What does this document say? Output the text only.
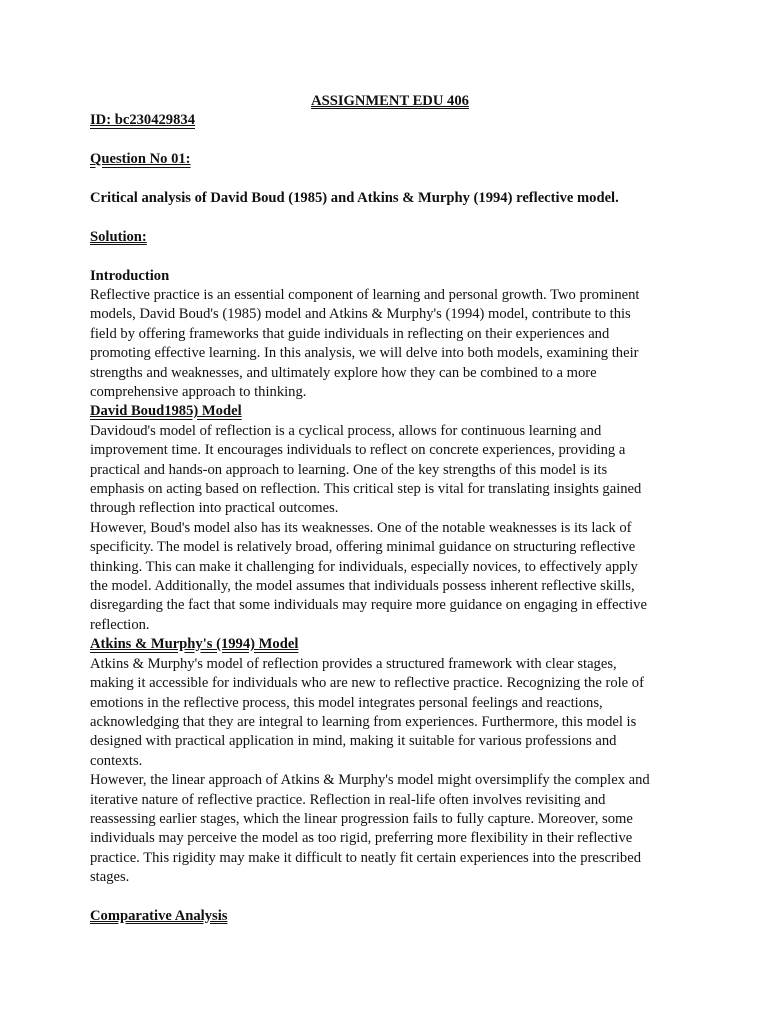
ASSIGNMENT EDU 406

ID: bc230429834

Question No 01:

Critical analysis of David Boud (1985) and Atkins & Murphy (1994) reflective model.

Solution:

Introduction

Reflective practice is an essential component of learning and personal growth. Two prominent
models, David Boud's (1985) model and Atkins & Murphy's (1994) model, contribute to this
field by offering frameworks that guide individuals in reflecting on their experiences and
promoting effective learning. In this analysis, we will delve into both models, examining their
strengths and weaknesses, and ultimately explore how they can be combined to a more
comprehensive approach to thinking.

David Boud1985) Model

Davidoud's model of reflection is a cyclical process, allows for continuous learning and
improvement time. It encourages individuals to reflect on concrete experiences, providing a
practical and hands-on approach to learning. One of the key strengths of this model is its
emphasis on acting based on reflection. This critical step is vital for translating insights gained
through reflection into practical outcomes.

However, Boud's model also has its weaknesses. One of the notable weaknesses is its lack of
specificity. The model is relatively broad, offering minimal guidance on structuring reflective
thinking. This can make it challenging for individuals, especially novices, to effectively apply
the model. Additionally, the model assumes that individuals possess inherent reflective skills,
disregarding the fact that some individuals may require more guidance on engaging in effective
reflection.

Atkins & Murphy's (1994) Model

Atkins & Murphy's model of reflection provides a structured framework with clear stages,
making it accessible for individuals who are new to reflective practice. Recognizing the role of
emotions in the reflective process, this model integrates personal feelings and reactions,
acknowledging that they are integral to learning from experiences. Furthermore, this model is
designed with practical application in mind, making it suitable for various professions and
contexts.

However, the linear approach of Atkins & Murphy's model might oversimplify the complex and
iterative nature of reflective practice. Reflection in real-life often involves revisiting and
reassessing earlier stages, which the linear progression fails to fully capture. Moreover, some
individuals may perceive the model as too rigid, preferring more flexibility in their reflective
practice. This rigidity may make it difficult to neatly fit certain experiences into the prescribed
stages.

Comparative Analysis
